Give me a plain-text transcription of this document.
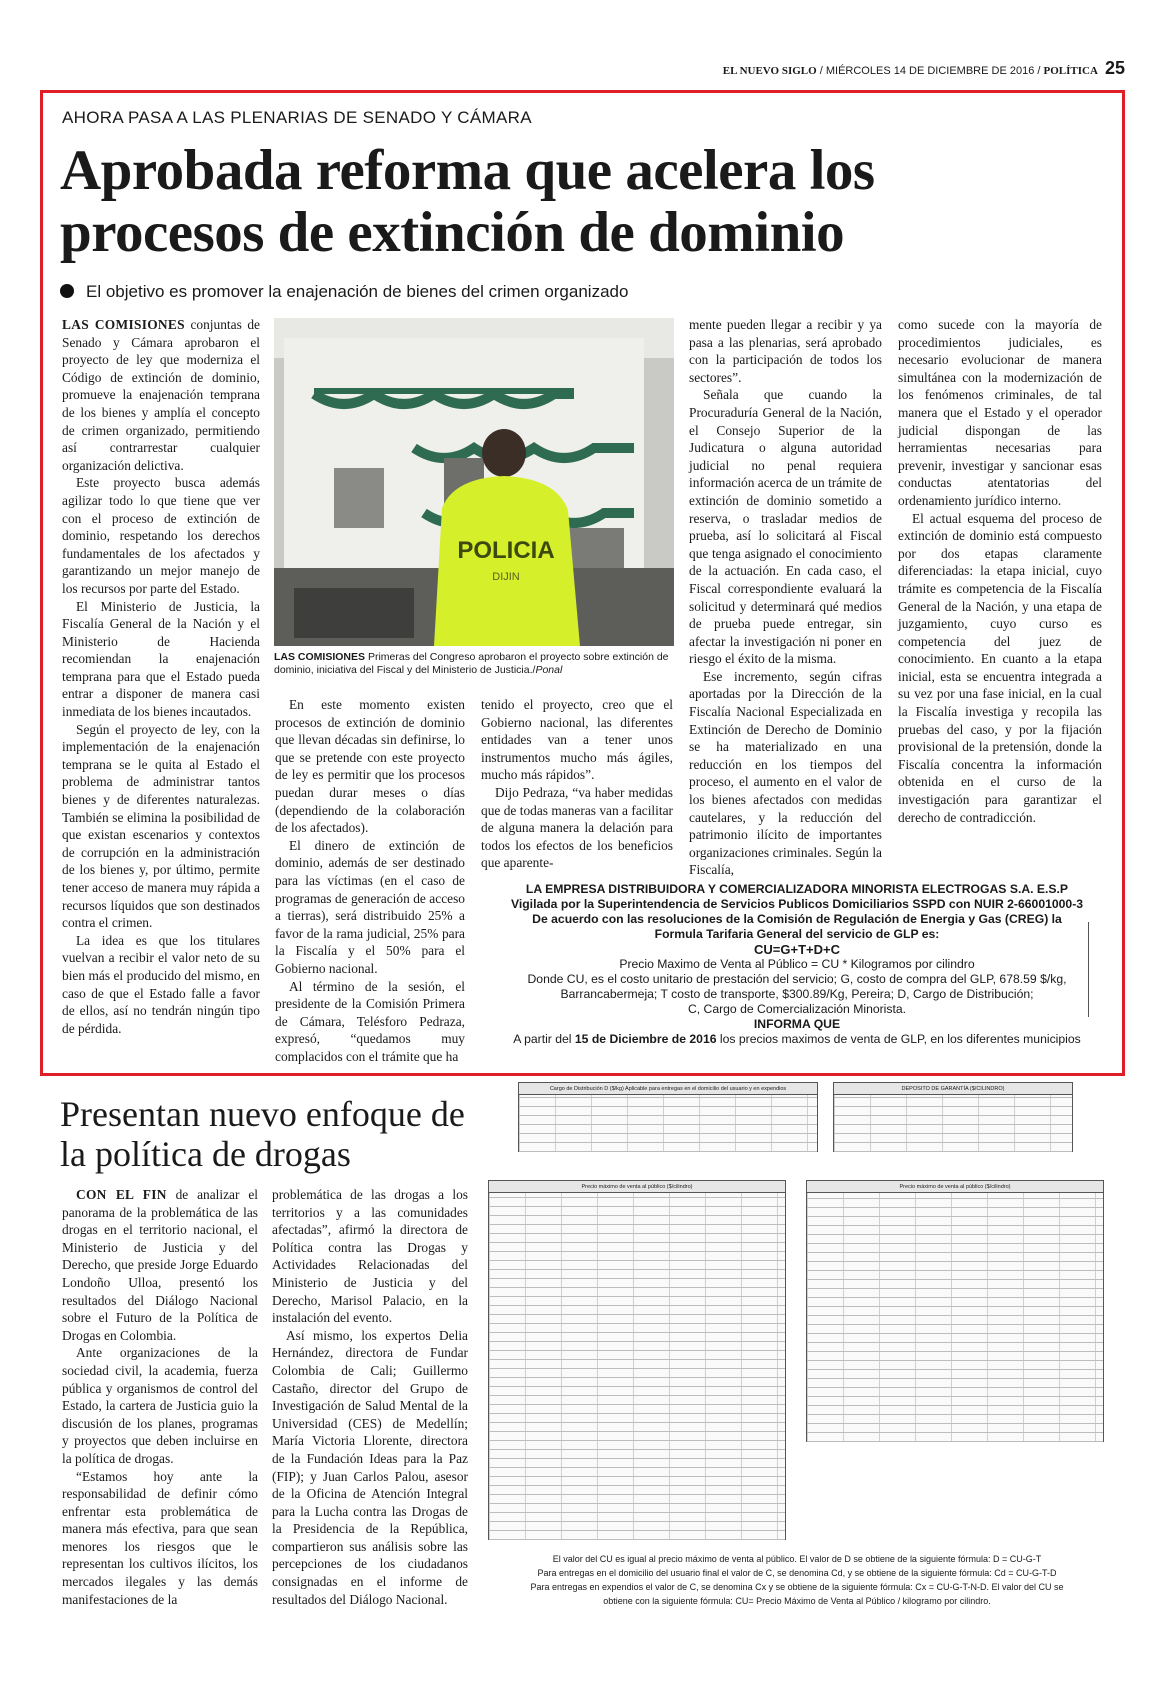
EL NUEVO SIGLO / MIÉRCOLES 14 DE DICIEMBRE DE 2016 / POLÍTICA 25
AHORA PASA A LAS PLENARIAS DE SENADO Y CÁMARA
Aprobada reforma que acelera los procesos de extinción de dominio
El objetivo es promover la enajenación de bienes del crimen organizado

LAS COMISIONES conjuntas de Senado y Cámara aprobaron el proyecto de ley que moderniza el Código de extinción de dominio, promueve la enajenación temprana de los bienes y amplía el concepto de crimen organizado, permitiendo así contrarrestar cualquier organización delictiva.

Este proyecto busca además agilizar todo lo que tiene que ver con el proceso de extinción de dominio, respetando los derechos fundamentales de los afectados y garantizando un mejor manejo de los recursos por parte del Estado.

El Ministerio de Justicia, la Fiscalía General de la Nación y el Ministerio de Hacienda recomiendan la enajenación temprana para que el Estado pueda entrar a disponer de manera casi inmediata de los bienes incautados.

Según el proyecto de ley, con la implementación de la enajenación temprana se le quita al Estado el problema de administrar tantos bienes y de diferentes naturalezas. También se elimina la posibilidad de que existan escenarios y contextos de corrupción en la administración de los bienes y, por último, permite tener acceso de manera muy rápida a recursos líquidos que son destinados contra el crimen.

La idea es que los titulares vuelvan a recibir el valor neto de su bien más el producido del mismo, en caso de que el Estado falle a favor de ellos, así no tendrán ningún tipo de pérdida.

POLICIA
DIJIN
LAS COMISIONES Primeras del Congreso aprobaron el proyecto sobre extinción de dominio, iniciativa del Fiscal y del Ministerio de Justicia./Ponal

En este momento existen procesos de extinción de dominio que llevan décadas sin definirse, lo que se pretende con este proyecto de ley es permitir que los procesos puedan durar meses o días (dependiendo de la colaboración de los afectados).

El dinero de extinción de dominio, además de ser destinado para las víctimas (en el caso de programas de generación de acceso a tierras), será distribuido 25% a favor de la rama judicial, 25% para la Fiscalía y el 50% para el Gobierno nacional.

Al término de la sesión, el presidente de la Comisión Primera de Cámara, Telésforo Pedraza, expresó, “quedamos muy complacidos con el trámite que ha

tenido el proyecto, creo que el Gobierno nacional, las diferentes entidades van a tener unos instrumentos mucho más ágiles, mucho más rápidos”.

Dijo Pedraza, “va haber medidas que de todas maneras van a facilitar de alguna manera la delación para todos los efectos de los beneficios que aparente-

mente pueden llegar a recibir y ya pasa a las plenarias, será aprobado con la participación de todos los sectores”.

Señala que cuando la Procuraduría General de la Nación, el Consejo Superior de la Judicatura o alguna autoridad judicial no penal requiera información acerca de un trámite de extinción de dominio sometido a reserva, o trasladar medios de prueba, así lo solicitará al Fiscal que tenga asignado el conocimiento de la actuación. En cada caso, el Fiscal correspondiente evaluará la solicitud y determinará qué medios de prueba puede entregar, sin afectar la investigación ni poner en riesgo el éxito de la misma.

Ese incremento, según cifras aportadas por la Dirección de la Fiscalía Nacional Especializada en Extinción de Derecho de Dominio se ha materializado en una reducción en los tiempos del proceso, el aumento en el valor de los bienes afectados con medidas cautelares, y la reducción del patrimonio ilícito de importantes organizaciones criminales. Según la Fiscalía,

como sucede con la mayoría de procedimientos judiciales, es necesario evolucionar de manera simultánea con la modernización de los fenómenos criminales, de tal manera que el Estado y el operador judicial dispongan de las herramientas necesarias para prevenir, investigar y sancionar esas conductas atentatorias del ordenamiento jurídico interno.

El actual esquema del proceso de extinción de dominio está compuesto por dos etapas claramente diferenciadas: la etapa inicial, cuyo trámite es competencia de la Fiscalía General de la Nación, y una etapa de juzgamiento, cuyo curso es competencia del juez de conocimiento. En cuanto a la etapa inicial, esta se encuentra integrada a su vez por una fase inicial, en la cual la Fiscalía investiga y recopila las pruebas del caso, y por la fijación provisional de la pretensión, donde la Fiscalía concentra la información obtenida en el curso de la investigación para garantizar el derecho de contradicción.

LA EMPRESA DISTRIBUIDORA Y COMERCIALIZADORA MINORISTA ELECTROGAS S.A. E.S.P
Vigilada por la Superintendencia de Servicios Publicos Domiciliarios SSPD con NUIR 2-66001000-3
De acuerdo con las resoluciones de la Comisión de Regulación de Energia y Gas (CREG) la
Formula Tarifaria General del servicio de GLP es:
CU=G+T+D+C
Precio Maximo de Venta al Público = CU * Kilogramos por cilindro
Donde CU, es el costo unitario de prestación del servicio; G, costo de compra del GLP, 678.59 $/kg,
Barrancabermeja; T costo de transporte, $300.89/Kg, Pereira; D, Cargo de Distribución;
C, Cargo de Comercialización Minorista.
INFORMA QUE
A partir del 15 de Diciembre de 2016 los precios maximos de venta de GLP, en los diferentes municipios
Cargo de Distribución D ($/kg) Aplicable para entregas en el domicilio del usuario y en expendios	DEPOSITO DE GARANTÍA ($/CILINDRO)
Precio máximo de venta al público ($/cilindro)	Precio máximo de venta al público ($/cilindro)
El valor del CU es igual al precio máximo de venta al público. El valor de D se obtiene de la siguiente fórmula: D = CU-G-T
Para entregas en el domicilio del usuario final el valor de C, se denomina Cd, y se obtiene de la siguiente fórmula: Cd = CU-G-T-D
Para entregas en expendios el valor de C, se denomina Cx y se obtiene de la siguiente fórmula: Cx = CU-G-T-N-D. El valor del CU se
obtiene con la siguiente fórmula: CU= Precio Máximo de Venta al Público / kilogramo por cilindro.
Presentan nuevo enfoque de la política de drogas

CON EL FIN de analizar el panorama de la problemática de las drogas en el territorio nacional, el Ministerio de Justicia y del Derecho, que preside Jorge Eduardo Londoño Ulloa, presentó los resultados del Diálogo Nacional sobre el Futuro de la Política de Drogas en Colombia.

Ante organizaciones de la sociedad civil, la academia, fuerza pública y organismos de control del Estado, la cartera de Justicia guio la discusión de los planes, programas y proyectos que deben incluirse en la política de drogas.

“Estamos hoy ante la responsabilidad de definir cómo enfrentar esta problemática de manera más efectiva, para que sean menores los riesgos que le representan los cultivos ilícitos, los mercados ilegales y las demás manifestaciones de la

problemática de las drogas a los territorios y a las comunidades afectadas”, afirmó la directora de Política contra las Drogas y Actividades Relacionadas del Ministerio de Justicia y del Derecho, Marisol Palacio, en la instalación del evento.

Así mismo, los expertos Delia Hernández, directora de Fundar Colombia de Cali; Guillermo Castaño, director del Grupo de Investigación de Salud Mental de la Universidad (CES) de Medellín; María Victoria Llorente, directora de la Fundación Ideas para la Paz (FIP); y Juan Carlos Palou, asesor de la Oficina de Atención Integral para la Lucha contra las Drogas de la Presidencia de la República, compartieron sus análisis sobre las percepciones de los ciudadanos consignadas en el informe de resultados del Diálogo Nacional.
